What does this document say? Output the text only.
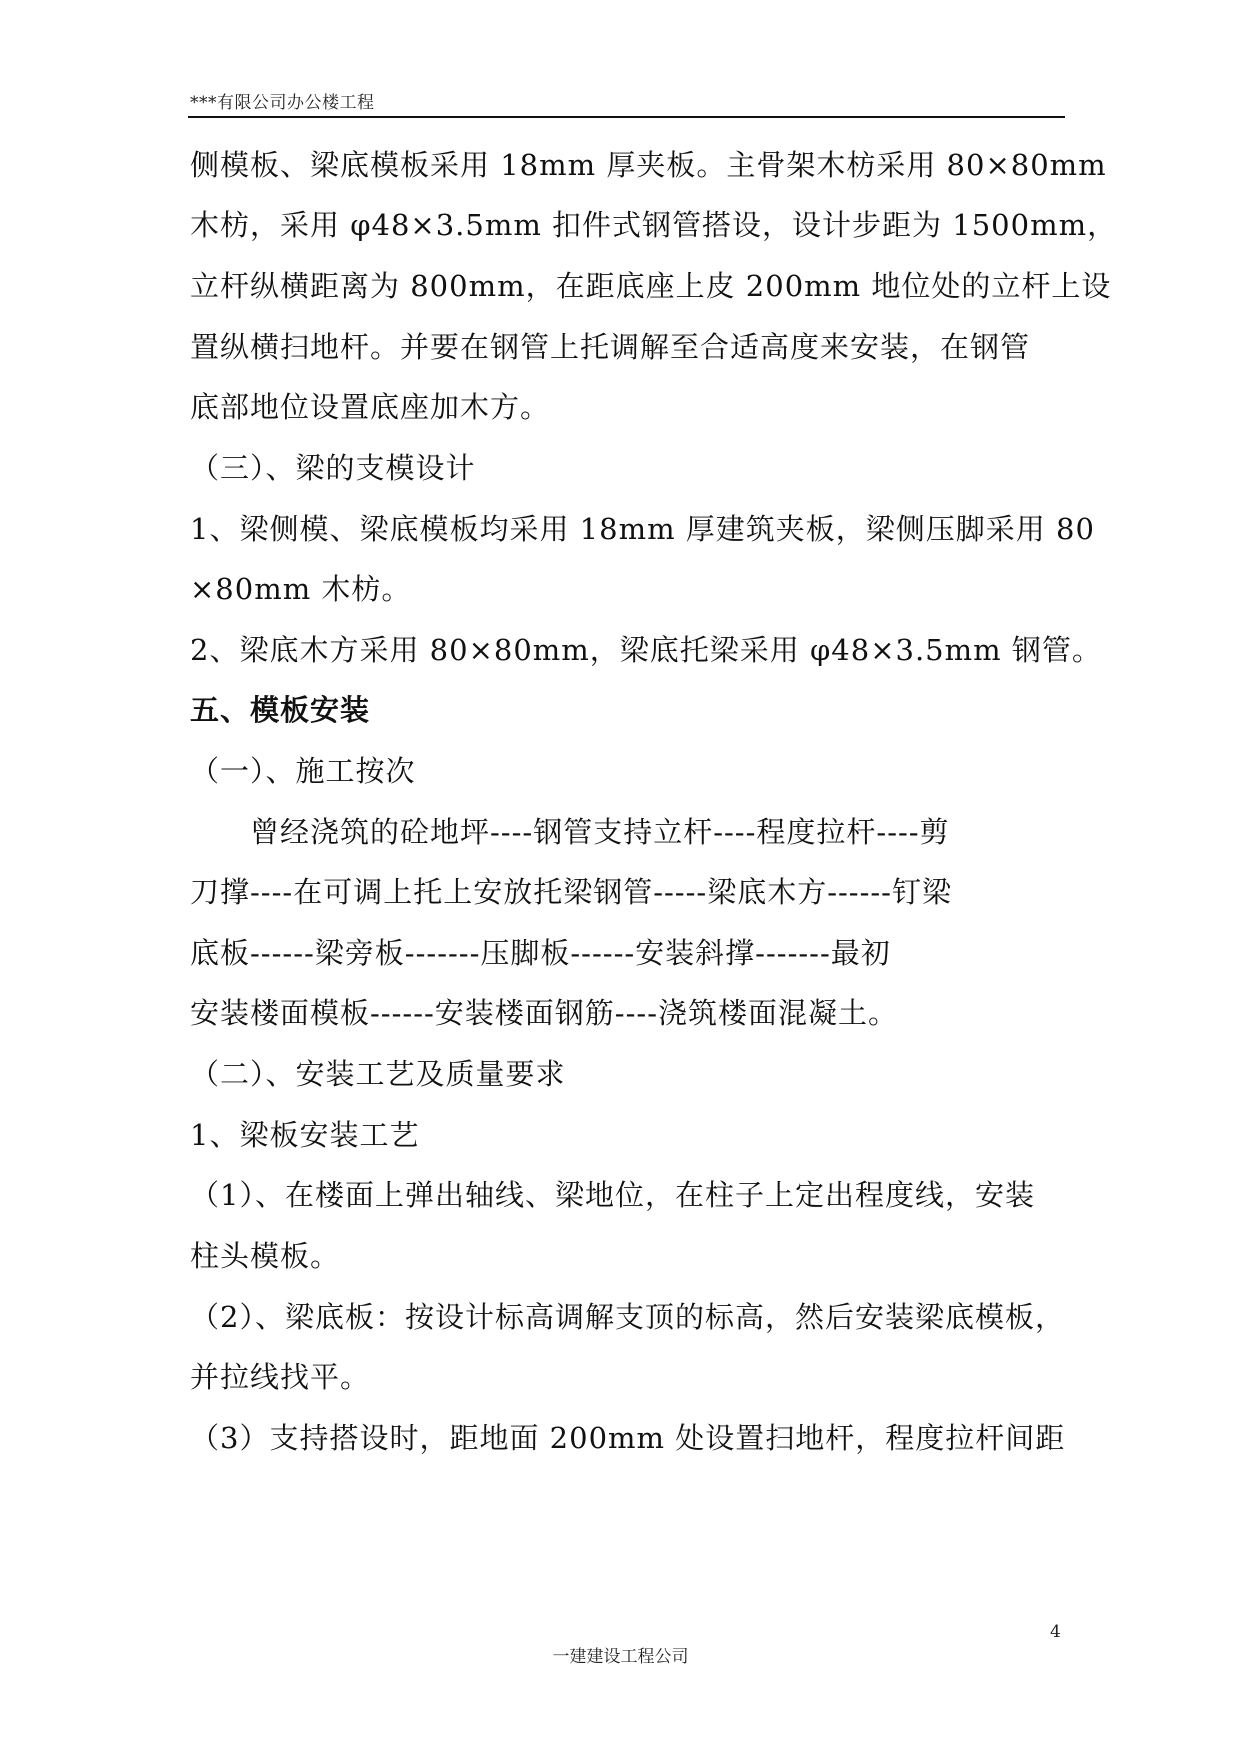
***有限公司办公楼工程
侧模板、梁底模板采用 18mm 厚夹板。主骨架木枋采用 80×80mm
木枋，采用 φ48×3.5mm 扣件式钢管搭设，设计步距为 1500mm，
立杆纵横距离为 800mm，在距底座上皮 200mm 地位处的立杆上设
置纵横扫地杆。并要在钢管上托调解至合适高度来安装，在钢管
底部地位设置底座加木方。
（三）、梁的支模设计
1、梁侧模、梁底模板均采用 18mm 厚建筑夹板，梁侧压脚采用 80
×80mm 木枋。
2、梁底木方采用 80×80mm，梁底托梁采用 φ48×3.5mm 钢管。
五、模板安装
（一）、施工按次
　　曾经浇筑的砼地坪----钢管支持立杆----程度拉杆----剪
刀撑----在可调上托上安放托梁钢管-----梁底木方------钉梁
底板------梁旁板-------压脚板------安装斜撑-------最初
安装楼面模板------安装楼面钢筋----浇筑楼面混凝土。
（二）、安装工艺及质量要求
1、梁板安装工艺
（1）、在楼面上弹出轴线、梁地位，在柱子上定出程度线，安装
柱头模板。
（2）、梁底板：按设计标高调解支顶的标高，然后安装梁底模板，
并拉线找平。
（3）支持搭设时，距地面 200mm 处设置扫地杆，程度拉杆间距
4
一建建设工程公司
